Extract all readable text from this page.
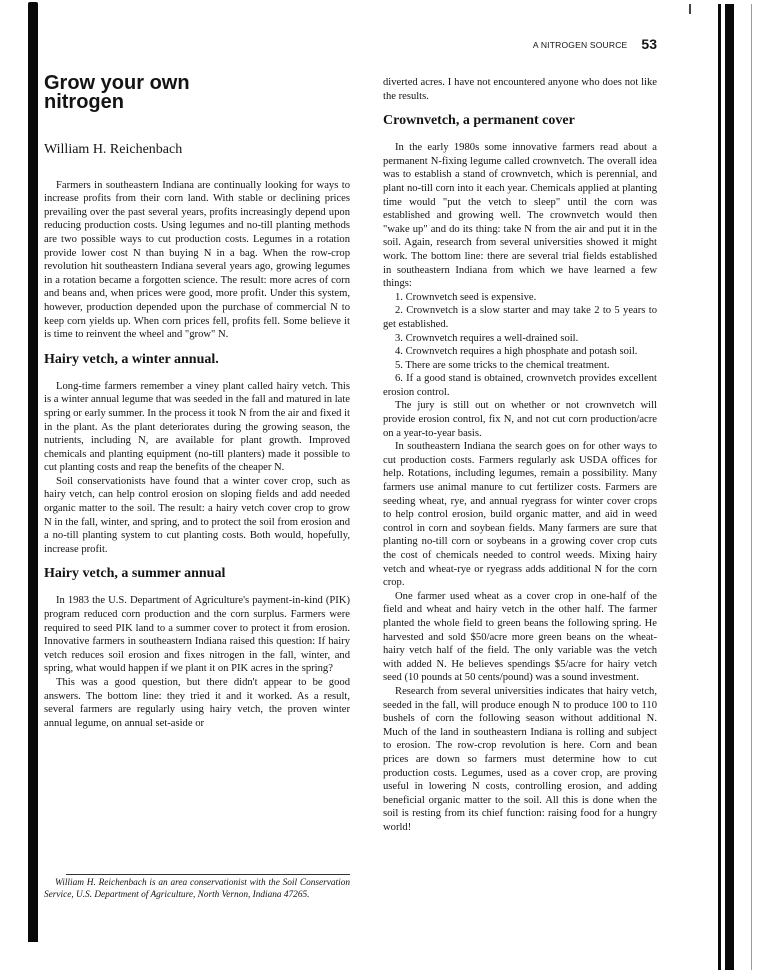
A NITROGEN SOURCE 53
Grow your own
nitrogen
William H. Reichenbach

Farmers in southeastern Indiana are continually looking for ways to increase profits from their corn land. With stable or declining prices prevailing over the past several years, profits increasingly depend upon reducing production costs. Using legumes and no-till planting methods are two possible ways to cut production costs. Legumes in a rotation provide lower cost N than buying N in a bag. When the row-crop revolution hit southeastern Indiana several years ago, growing legumes in a rotation became a forgotten science. The result: more acres of corn and beans and, when prices were good, more profit. Under this system, however, production depended upon the purchase of commercial N to keep corn yields up. When corn prices fell, profits fell. Some believe it is time to reinvent the wheel and "grow" N.

Hairy vetch, a winter annual.

Long-time farmers remember a viney plant called hairy vetch. This is a winter annual legume that was seeded in the fall and matured in late spring or early summer. In the process it took N from the air and fixed it in the plant. As the plant deteriorates during the growing season, the nutrients, including N, are available for plant growth. Improved chemicals and planting equipment (no-till planters) made it possible to cut planting costs and reap the benefits of the cheaper N.

Soil conservationists have found that a winter cover crop, such as hairy vetch, can help control erosion on sloping fields and add needed organic matter to the soil. The result: a hairy vetch cover crop to grow N in the fall, winter, and spring, and to protect the soil from erosion and a no-till planting system to cut planting costs. Both would, hopefully, increase profit.

Hairy vetch, a summer annual

In 1983 the U.S. Department of Agriculture's payment-in-kind (PIK) program reduced corn production and the corn surplus. Farmers were required to seed PIK land to a summer cover to protect it from erosion. Innovative farmers in southeastern Indiana raised this question: If hairy vetch reduces soil erosion and fixes nitrogen in the fall, winter, and spring, what would happen if we plant it on PIK acres in the spring?

This was a good question, but there didn't appear to be good answers. The bottom line: they tried it and it worked. As a result, several farmers are regularly using hairy vetch, the proven winter annual legume, on annual set-aside or

William H. Reichenbach is an area conservationist with the Soil Conservation Service, U.S. Department of Agriculture, North Vernon, Indiana 47265.

diverted acres. I have not encountered anyone who does not like the results.

Crownvetch, a permanent cover

In the early 1980s some innovative farmers read about a permanent N-fixing legume called crownvetch. The overall idea was to establish a stand of crownvetch, which is perennial, and plant no-till corn into it each year. Chemicals applied at planting time would "put the vetch to sleep" until the corn was established and growing well. The crownvetch would then "wake up" and do its thing: take N from the air and put it in the soil. Again, research from several universities showed it might work. The bottom line: there are several trial fields established in southeastern Indiana from which we have learned a few things:

1. Crownvetch seed is expensive.

2. Crownvetch is a slow starter and may take 2 to 5 years to get established.

3. Crownvetch requires a well-drained soil.

4. Crownvetch requires a high phosphate and potash soil.

5. There are some tricks to the chemical treatment.

6. If a good stand is obtained, crownvetch provides excellent erosion control.

The jury is still out on whether or not crownvetch will provide erosion control, fix N, and not cut corn production/acre on a year-to-year basis.

In southeastern Indiana the search goes on for other ways to cut production costs. Farmers regularly ask USDA offices for help. Rotations, including legumes, remain a possibility. Many farmers use animal manure to cut fertilizer costs. Farmers are seeding wheat, rye, and annual ryegrass for winter cover crops to help control erosion, build organic matter, and aid in weed control in corn and soybean fields. Many farmers are sure that planting no-till corn or soybeans in a growing cover crop cuts the cost of chemicals needed to control weeds. Mixing hairy vetch and wheat-rye or ryegrass adds additional N for the corn crop.

One farmer used wheat as a cover crop in one-half of the field and wheat and hairy vetch in the other half. The farmer planted the whole field to green beans the following spring. He harvested and sold $50/acre more green beans on the wheat-hairy vetch half of the field. The only variable was the vetch with added N. He believes spendings $5/acre for hairy vetch seed (10 pounds at 50 cents/pound) was a sound investment.

Research from several universities indicates that hairy vetch, seeded in the fall, will produce enough N to produce 100 to 110 bushels of corn the following season without additional N. Much of the land in southeastern Indiana is rolling and subject to erosion. The row-crop revolution is here. Corn and bean prices are down so farmers must determine how to cut production costs. Legumes, used as a cover crop, are proving useful in lowering N costs, controlling erosion, and adding beneficial organic matter to the soil. All this is done when the soil is resting from its chief function: raising food for a hungry world!
